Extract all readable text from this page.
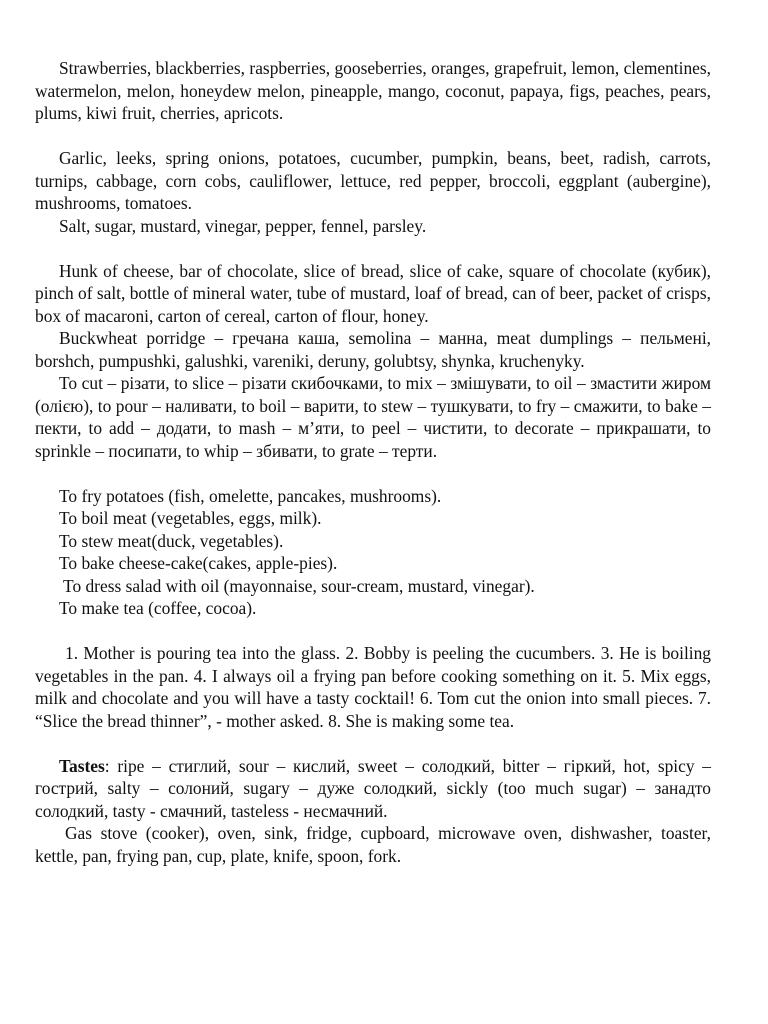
Strawberries, blackberries, raspberries, gooseberries, oranges, grapefruit, lemon, clementines, watermelon, melon, honeydew melon, pineapple, mango, coconut, papaya, figs, peaches, pears, plums, kiwi fruit, cherries, apricots.

Garlic, leeks, spring onions, potatoes, cucumber, pumpkin, beans, beet, radish, carrots, turnips, cabbage, corn cobs, cauliflower, lettuce, red pepper, broccoli, eggplant (aubergine), mushrooms, tomatoes.

Salt, sugar, mustard, vinegar, pepper, fennel, parsley.

Hunk of cheese, bar of chocolate, slice of bread, slice of cake, square of chocolate (кубик), pinch of salt, bottle of mineral water, tube of mustard, loaf of bread, can of beer, packet of crisps, box of macaroni, carton of cereal, carton of flour, honey.

Buckwheat porridge – гречана каша, semolina – манна, meat dumplings – пельмені, borshch, pumpushki, galushki, vareniki, deruny, golubtsy, shynka, kruchenyky.

To cut – різати, to slice – різати скибочками, to mix – змішувати, to oil – змастити жиром (олією), to pour – наливати, to boil – варити, to stew – тушкувати, to fry – смажити, to bake – пекти, to add – додати, to mash – м’яти, to peel – чистити, to decorate – прикрашати, to sprinkle – посипати, to whip – збивати, to grate – терти.

To fry potatoes (fish, omelette, pancakes, mushrooms).

To boil meat (vegetables, eggs, milk).

To stew meat(duck, vegetables).

To bake cheese-cake(cakes, apple-pies).

To dress salad with oil (mayonnaise, sour-cream, mustard, vinegar).

To make tea (coffee, cocoa).

1. Mother is pouring tea into the glass. 2. Bobby is peeling the cucumbers. 3. He is boiling vegetables in the pan. 4. I always oil a frying pan before cooking something on it. 5. Mix eggs, milk and chocolate and you will have a tasty cocktail! 6. Tom cut the onion into small pieces. 7. “Slice the bread thinner”, - mother asked. 8. She is making some tea.

Tastes: ripe – стиглий, sour – кислий, sweet – солодкий, bitter – гіркий, hot, spicy – гострий, salty – солоний, sugary – дуже солодкий, sickly (too much sugar) – занадто солодкий, tasty - смачний, tasteless - несмачний.

Gas stove (cooker), oven, sink, fridge, cupboard, microwave oven, dishwasher, toaster, kettle, pan, frying pan, cup, plate, knife, spoon, fork.
